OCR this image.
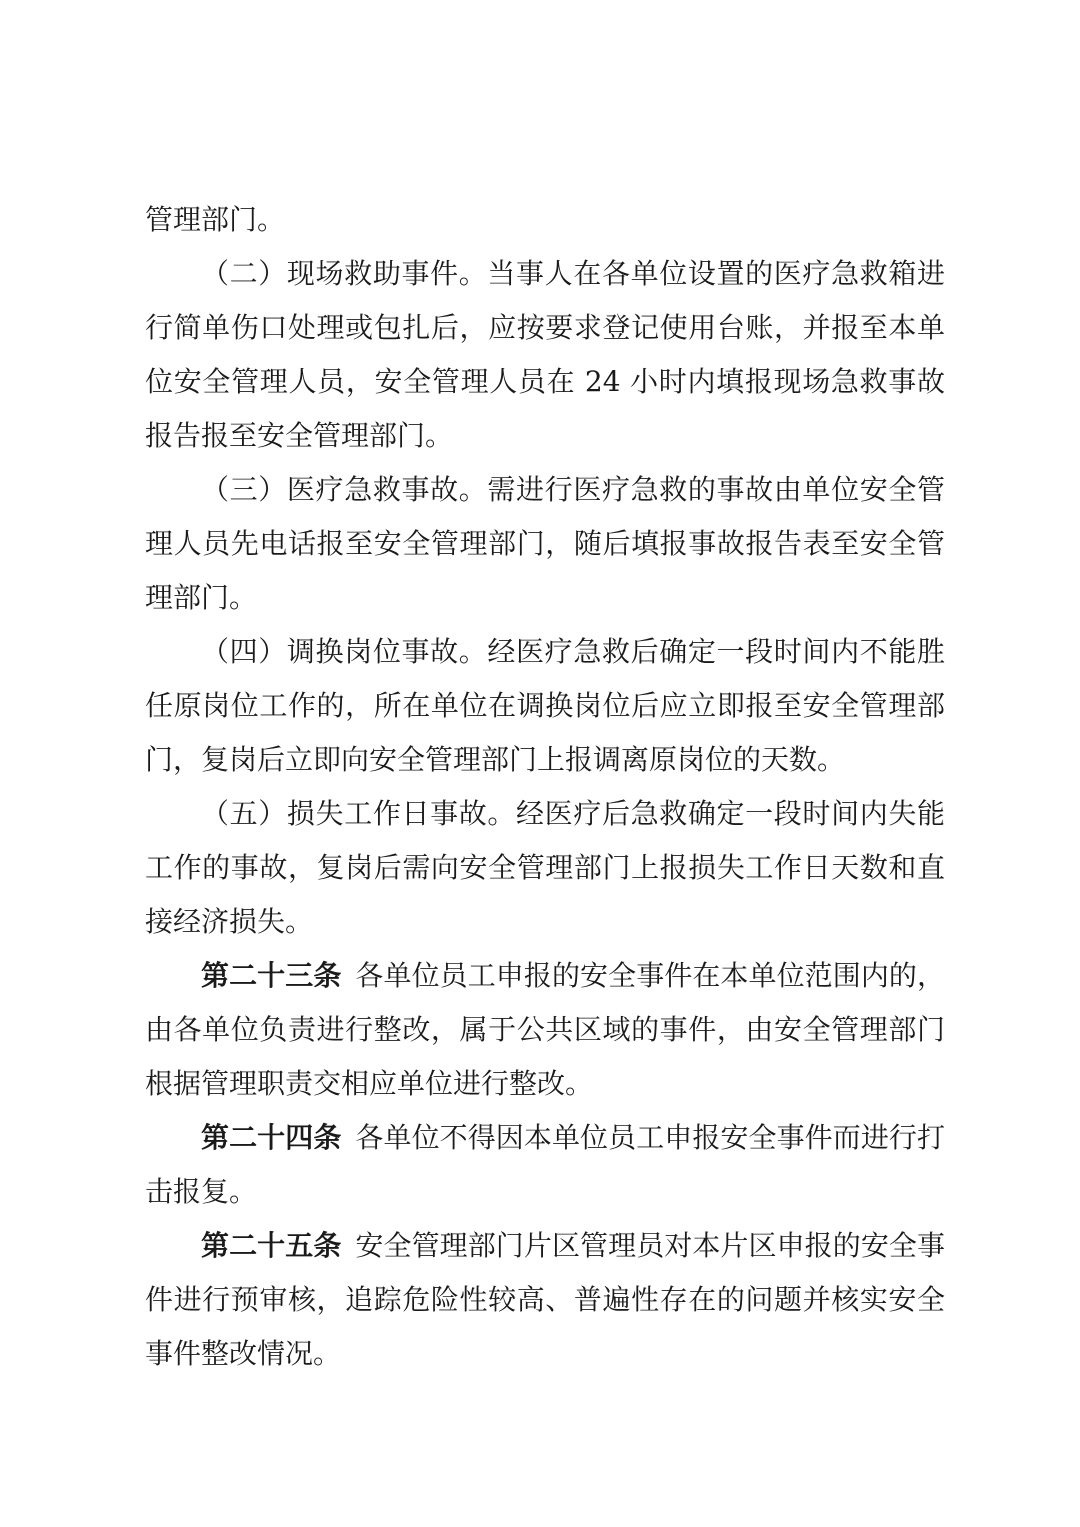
管理部门。

（二）现场救助事件。当事人在各单位设置的医疗急救箱进行简单伤口处理或包扎后，应按要求登记使用台账，并报至本单位安全管理人员，安全管理人员在 24 小时内填报现场急救事故报告报至安全管理部门。

（三）医疗急救事故。需进行医疗急救的事故由单位安全管理人员先电话报至安全管理部门，随后填报事故报告表至安全管理部门。

（四）调换岗位事故。经医疗急救后确定一段时间内不能胜任原岗位工作的，所在单位在调换岗位后应立即报至安全管理部门，复岗后立即向安全管理部门上报调离原岗位的天数。

（五）损失工作日事故。经医疗后急救确定一段时间内失能工作的事故，复岗后需向安全管理部门上报损失工作日天数和直接经济损失。

第二十三条 各单位员工申报的安全事件在本单位范围内的，由各单位负责进行整改，属于公共区域的事件，由安全管理部门根据管理职责交相应单位进行整改。

第二十四条 各单位不得因本单位员工申报安全事件而进行打击报复。

第二十五条 安全管理部门片区管理员对本片区申报的安全事件进行预审核，追踪危险性较高、普遍性存在的问题并核实安全事件整改情况。
